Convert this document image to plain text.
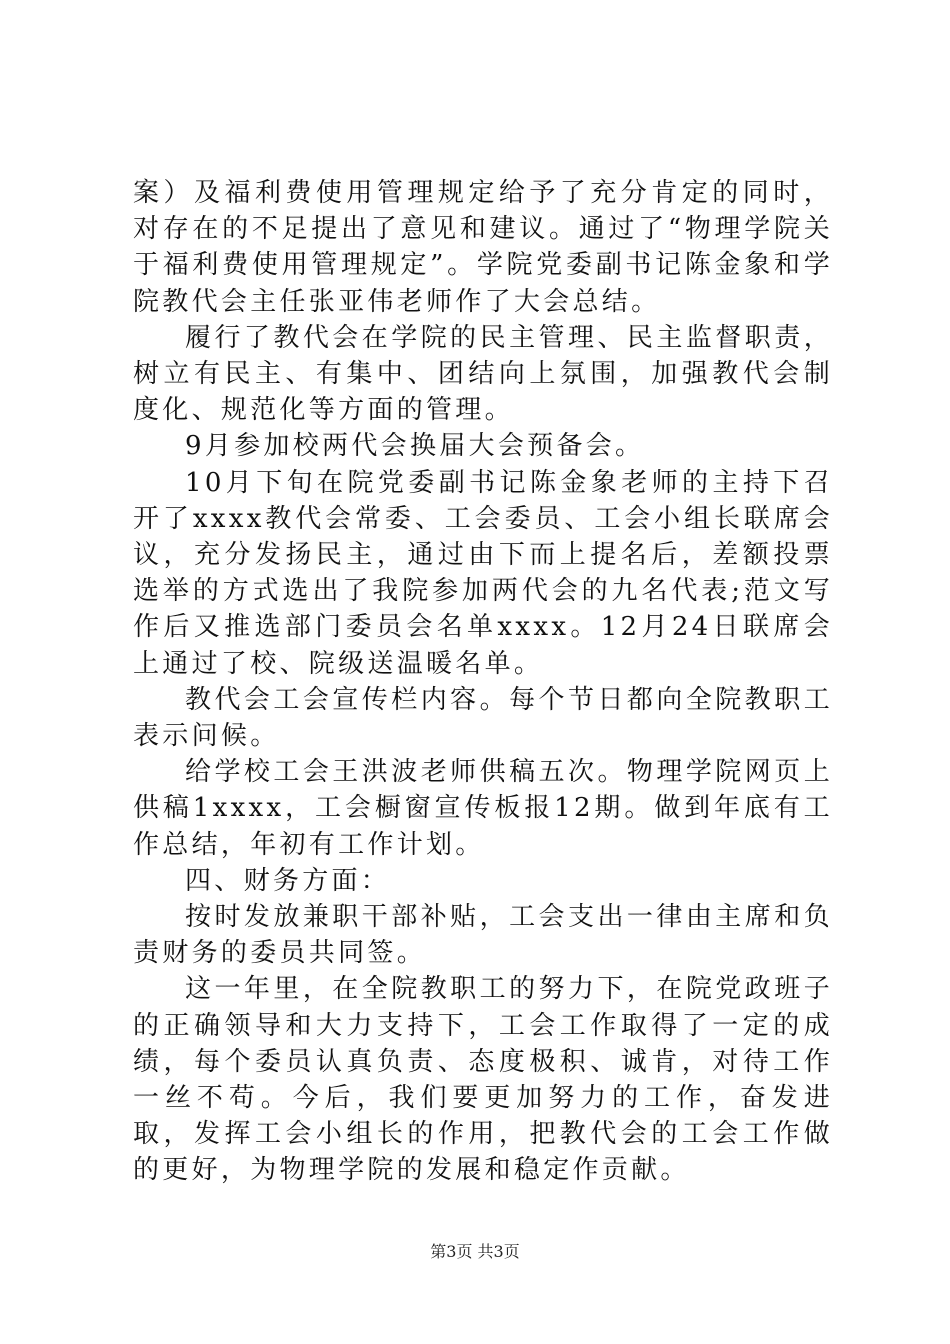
案）及福利费使用管理规定给予了充分肯定的同时，对存在的不足提出了意见和建议。通过了“物理学院关于福利费使用管理规定”。学院党委副书记陈金象和学院教代会主任张亚伟老师作了大会总结。

履行了教代会在学院的民主管理、民主监督职责，树立有民主、有集中、团结向上氛围，加强教代会制度化、规范化等方面的管理。

9月参加校两代会换届大会预备会。

10月下旬在院党委副书记陈金象老师的主持下召开了xxxx教代会常委、工会委员、工会小组长联席会议，充分发扬民主，通过由下而上提名后，差额投票选举的方式选出了我院参加两代会的九名代表;范文写作后又推选部门委员会名单xxxx。12月24日联席会上通过了校、院级送温暖名单。

教代会工会宣传栏内容。每个节日都向全院教职工表示问候。

给学校工会王洪波老师供稿五次。物理学院网页上供稿1xxxx，工会橱窗宣传板报12期。做到年底有工作总结，年初有工作计划。

四、财务方面：

按时发放兼职干部补贴，工会支出一律由主席和负责财务的委员共同签。

这一年里，在全院教职工的努力下，在院党政班子的正确领导和大力支持下，工会工作取得了一定的成绩，每个委员认真负责、态度极积、诚肯，对待工作一丝不苟。今后，我们要更加努力的工作，奋发进取，发挥工会小组长的作用，把教代会的工会工作做的更好，为物理学院的发展和稳定作贡献。

第3页 共3页
